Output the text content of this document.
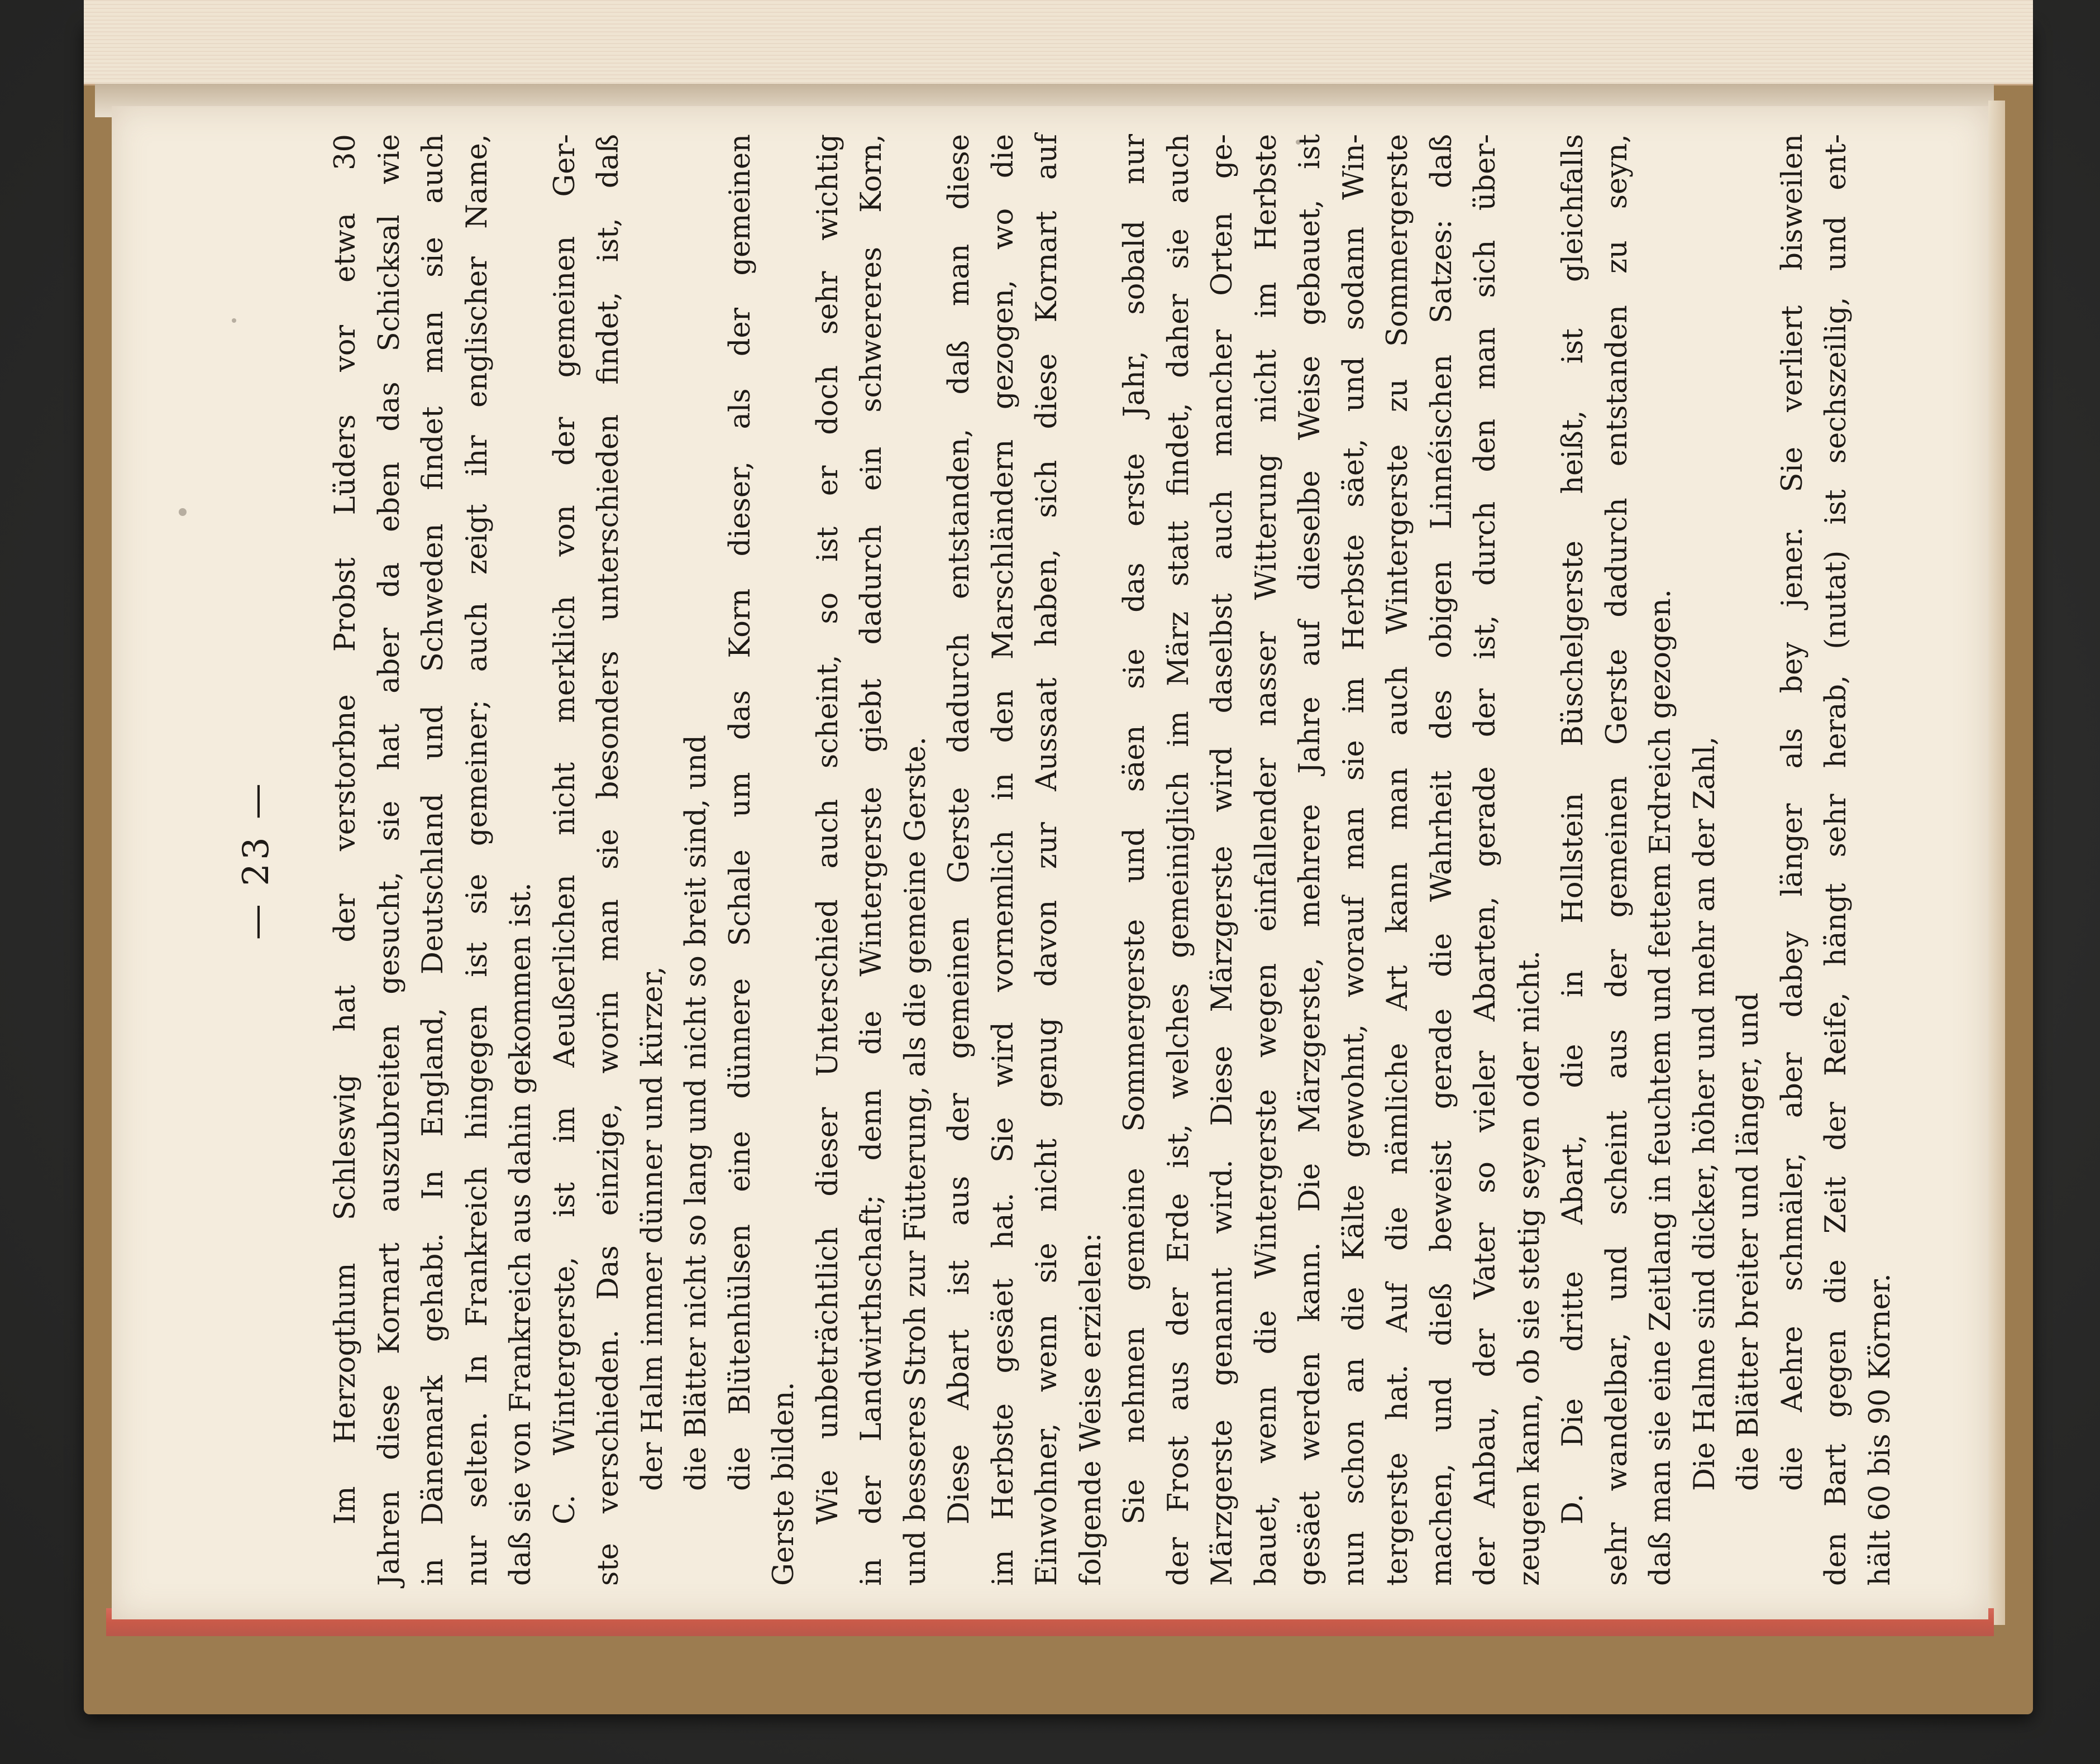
— 23 — Im Herzogthum Schleswig hat der verstorbne Probst Lüders vor etwa 30 Jahren diese Kornart auszubreiten gesucht, sie hat aber da eben das Schicksal wie in Dänemark gehabt. In England, Deutschland und Schweden findet man sie auch nur selten. In Frankreich hingegen ist sie gemeiner; auch zeigt ihr englischer Name, daß sie von Frankreich aus dahin gekommen ist. C. Wintergerste, ist im Aeußerlichen nicht merklich von der gemeinen Ger- ste verschieden. Das einzige, worin man sie besonders unterschieden findet, ist, daß der Halm immer dünner und kürzer, die Blätter nicht so lang und nicht so breit sind, und die Blütenhülsen eine dünnere Schale um das Korn dieser, als der gemeinen Gerste bilden. Wie unbeträchtlich dieser Unterschied auch scheint, so ist er doch sehr wichtig in der Landwirthschaft; denn die Wintergerste giebt dadurch ein schwereres Korn, und besseres Stroh zur Fütterung, als die gemeine Gerste. Diese Abart ist aus der gemeinen Gerste dadurch entstanden, daß man diese im Herbste gesäet hat. Sie wird vornemlich in den Marschländern gezogen, wo die Einwohner, wenn sie nicht genug davon zur Aussaat haben, sich diese Kornart auf folgende Weise erzielen: Sie nehmen gemeine Sommergerste und säen sie das erste Jahr, sobald nur der Frost aus der Erde ist, welches gemeiniglich im März statt findet, daher sie auch Märzgerste genannt wird. Diese Märzgerste wird daselbst auch mancher Orten ge- bauet, wenn die Wintergerste wegen einfallender nasser Witterung nicht im Herbste gesäet werden kann. Die Märzgerste, mehrere Jahre auf dieselbe Weise gebauet, ist nun schon an die Kälte gewohnt, worauf man sie im Herbste säet, und sodann Win- tergerste hat. Auf die nämliche Art kann man auch Wintergerste zu Sommergerste machen, und dieß beweist gerade die Wahrheit des obigen Linnéischen Satzes: daß der Anbau, der Vater so vieler Abarten, gerade der ist, durch den man sich über- zeugen kann, ob sie stetig seyen oder nicht. D. Die dritte Abart, die in Hollstein Büschelgerste heißt, ist gleichfalls sehr wandelbar, und scheint aus der gemeinen Gerste dadurch entstanden zu seyn, daß man sie eine Zeitlang in feuchtem und fettem Erdreich gezogen. Die Halme sind dicker, höher und mehr an der Zahl, die Blätter breiter und länger, und die Aehre schmäler, aber dabey länger als bey jener. Sie verliert bisweilen den Bart gegen die Zeit der Reife, hängt sehr herab, (nutat) ist sechszeilig, und ent- hält 60 bis 90 Körner.
